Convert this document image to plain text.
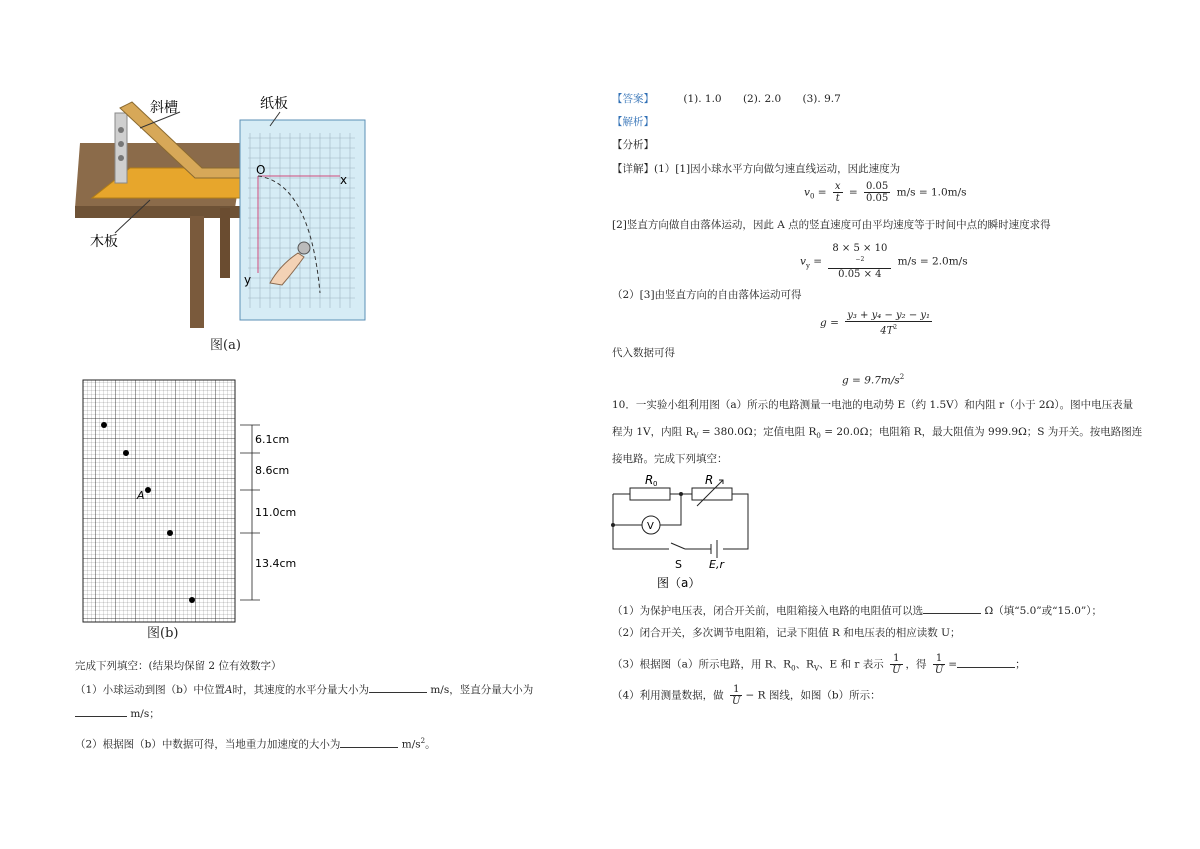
斜槽	纸板
木板
O
x
y
图(a)
A
6.1cm
8.6cm
11.0cm
13.4cm
图(b)
完成下列填空：(结果均保留 2 位有效数字）
（1）小球运动到图（b）中位置A时，其速度的水平分量大小为	m/s，竖直分量大小为
m/s；
（2）根据图（b）中数据可得，当地重力加速度的大小为	$m/s^2$。
【答案】	(1). 1.0 (2). 2.0 (3). 9.7
【解析】
【分析】
【详解】(1）[1]因小球水平方向做匀速直线运动，因此速度为
$v_0 = \frac{x}{t} = \frac{0.05}{0.05} m/s = 1.0m/s$
[2]竖直方向做自由落体运动，因此 A 点的竖直速度可由平均速度等于时间中点的瞬时速度求得
$v_y = 8 \times 5 \times 10$
$^{-2}$
0.05 × 4 m/s = 2.0m/s
（2）[3]由竖直方向的自由落体运动可得
$g = \frac{\text{y₃ + y₄ − y₂ − y₁}}{4T^2}$
代入数据可得
$g = 9.7m/s^2$
10．一实验小组利用图（a）所示的电路测量一电池的电动势 E（约 1.5V）和内阻 r（小于 2Ω）。图中电压表量
程为 1V，内阻 $R_V = 380.0\Omega$；定值电阻 $R_0 = 20.0\Omega$；电阻箱 R，最大阻值为 999.9Ω；S 为开关。按电路图连
接电路。完成下列填空：
R 0	R
V
S E,r
图（a）
（1）为保护电压表，闭合开关前，电阻箱接入电路的电阻值可以选	Ω（填“5.0”或“15.0”）；
（2）闭合开关，多次调节电阻箱，记录下阻值 R 和电压表的相应读数 U；
（3）根据图（a）所示电路，用 R、$R_0$、$R_V$、E 和 r 表示 $\frac{1}{U}$ ，得 $\frac{1}{U}$ =	；
（4）利用测量数据，做 $\frac{1}{U} - R$ 图线，如图（b）所示：
